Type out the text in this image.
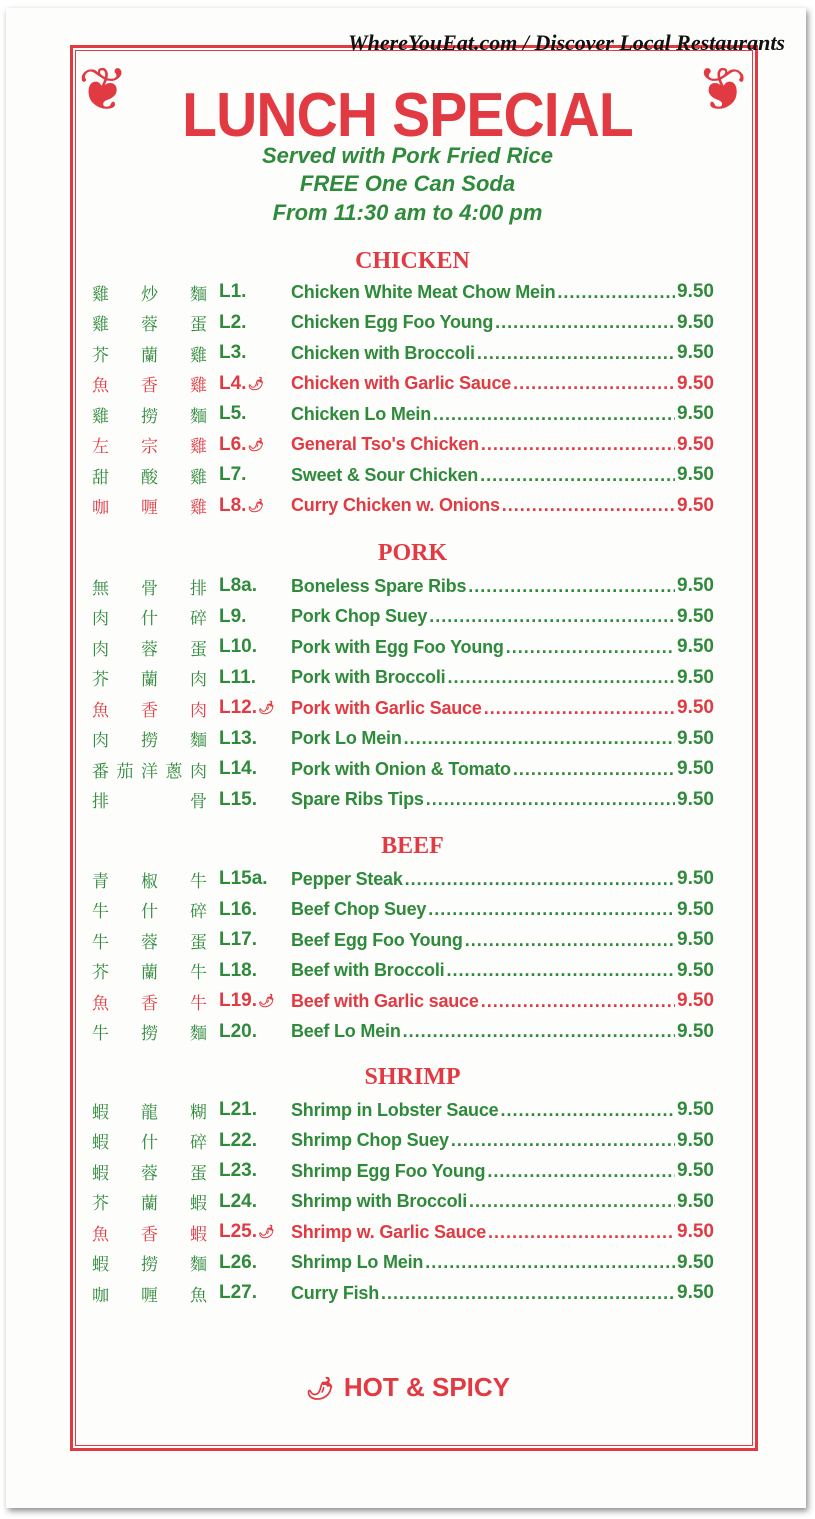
WhereYouEat.com / Discover Local Restaurants
❦	❦
LUNCH SPECIAL
Served with Pork Fried Rice
FREE One Can Soda
From 11:30 am to 4:00 pm
CHICKEN
雞 炒 麵 L1. Chicken White Meat Chow Mein .....	9.50
雞 蓉 蛋 L2. Chicken Egg Foo Young .....	9.50
芥 蘭 雞 L3. Chicken with Broccoli .....	9.50
魚 香 雞 L4. 🌶 Chicken with Garlic Sauce .....	9.50
雞 撈 麵 L5. Chicken Lo Mein .....	9.50
左 宗 雞 L6. 🌶 General Tso's Chicken .....	9.50
甜 酸 雞 L7. Sweet & Sour Chicken .....	9.50
咖 喱 雞 L8. 🌶 Curry Chicken w. Onions .....	9.50
PORK
無 骨 排 L8a. Boneless Spare Ribs .....	9.50
肉 什 碎 L9. Pork Chop Suey .....	9.50
肉 蓉 蛋 L10. Pork with Egg Foo Young .....	9.50
芥 蘭 肉 L11. Pork with Broccoli .....	9.50
魚 香 肉 L12. 🌶 Pork with Garlic Sauce .....	9.50
肉 撈 麵 L13. Pork Lo Mein .....	9.50
番 茄 洋 蔥 肉 L14. Pork with Onion & Tomato .....	9.50
排	骨 L15. Spare Ribs Tips .....	9.50
BEEF
青 椒 牛 L15a. Pepper Steak .....	9.50
牛 什 碎 L16. Beef Chop Suey .....	9.50
牛 蓉 蛋 L17. Beef Egg Foo Young .....	9.50
芥 蘭 牛 L18. Beef with Broccoli .....	9.50
魚 香 牛 L19. 🌶 Beef with Garlic sauce .....	9.50
牛 撈 麵 L20. Beef Lo Mein .....	9.50
SHRIMP
蝦 龍 糊 L21. Shrimp in Lobster Sauce .....	9.50
蝦 什 碎 L22. Shrimp Chop Suey .....	9.50
蝦 蓉 蛋 L23. Shrimp Egg Foo Young .....	9.50
芥 蘭 蝦 L24. Shrimp with Broccoli .....	9.50
魚 香 蝦 L25. 🌶 Shrimp w. Garlic Sauce .....	9.50
蝦 撈 麵 L26. Shrimp Lo Mein .....	9.50
咖 喱 魚 L27. Curry Fish .....	9.50
🌶 HOT & SPICY
